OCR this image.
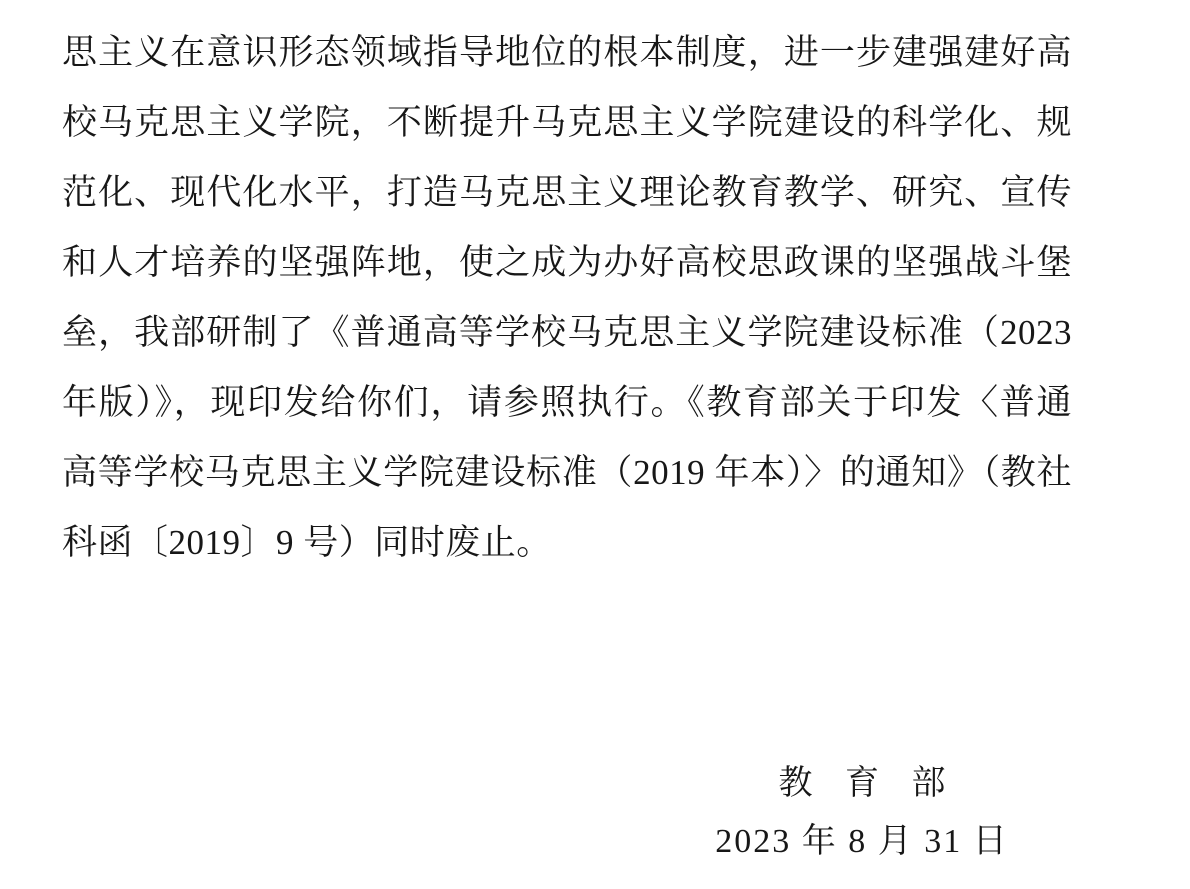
思主义在意识形态领域指导地位的根本制度，进一步建强建好高校马克思主义学院，不断提升马克思主义学院建设的科学化、规范化、现代化水平，打造马克思主义理论教育教学、研究、宣传和人才培养的坚强阵地，使之成为办好高校思政课的坚强战斗堡垒，我部研制了《普通高等学校马克思主义学院建设标准（2023年版）》，现印发给你们，请参照执行。《教育部关于印发〈普通高等学校马克思主义学院建设标准（2019 年本）〉的通知》（教社科函〔2019〕9 号）同时废止。
教 育 部
2023 年 8 月 31 日
